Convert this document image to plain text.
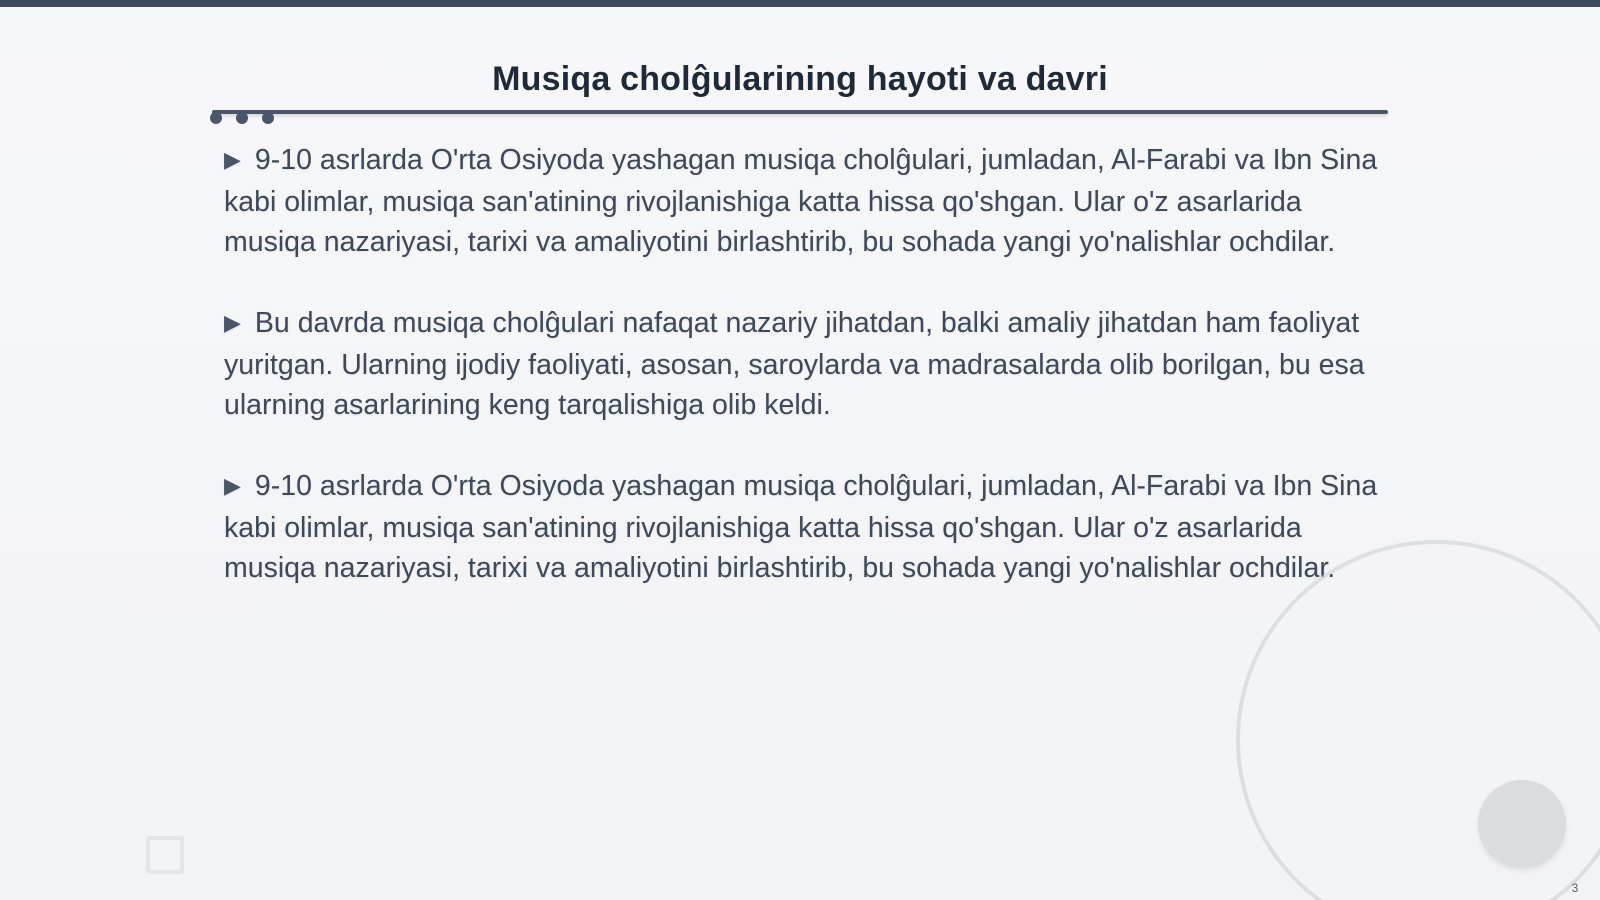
Musiqa cholĝularining hayoti va davri

▶ 9-10 asrlarda O'rta Osiyoda yashagan musiqa cholĝulari, jumladan, Al-Farabi va Ibn Sina kabi olimlar, musiqa san'atining rivojlanishiga katta hissa qo'shgan. Ular o'z asarlarida musiqa nazariyasi, tarixi va amaliyotini birlashtirib, bu sohada yangi yo'nalishlar ochdilar.

▶ Bu davrda musiqa cholĝulari nafaqat nazariy jihatdan, balki amaliy jihatdan ham faoliyat yuritgan. Ularning ijodiy faoliyati, asosan, saroylarda va madrasalarda olib borilgan, bu esa ularning asarlarining keng tarqalishiga olib keldi.

▶ 9-10 asrlarda O'rta Osiyoda yashagan musiqa cholĝulari, jumladan, Al-Farabi va Ibn Sina kabi olimlar, musiqa san'atining rivojlanishiga katta hissa qo'shgan. Ular o'z asarlarida musiqa nazariyasi, tarixi va amaliyotini birlashtirib, bu sohada yangi yo'nalishlar ochdilar.

3
